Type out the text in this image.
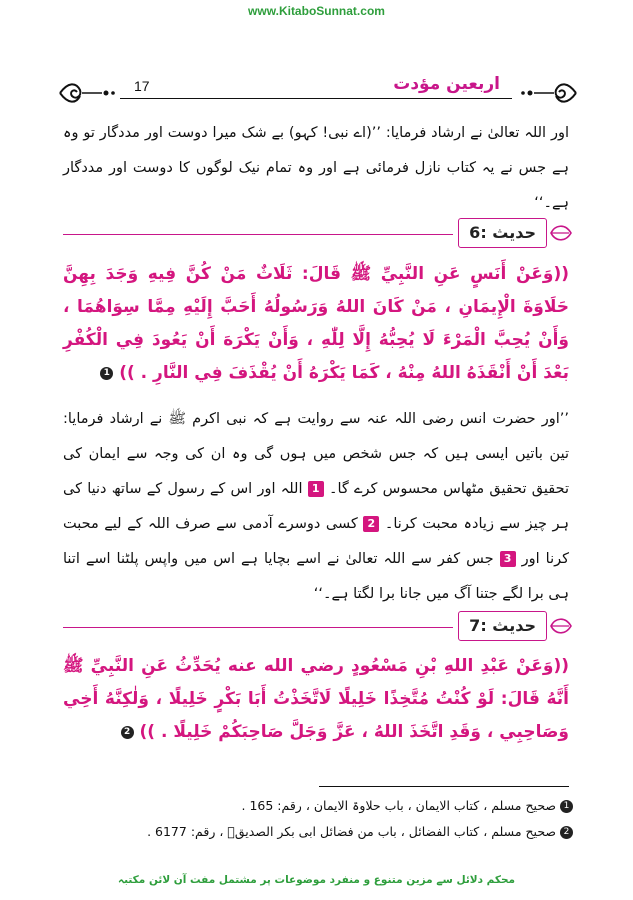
www.KitaboSunnat.com
17	اربعین مؤدت

اور اللہ تعالیٰ نے ارشاد فرمایا: ’’(اے نبی! کہو) بے شک میرا دوست اور مددگار تو وہ ہے جس نے یہ کتاب نازل فرمائی ہے اور وہ تمام نیک لوگوں کا دوست اور مددگار ہے۔‘‘

حدیث :6

((وَعَنْ أَنَسٍ عَنِ النَّبِيِّ ﷺ قَالَ: ثَلَاثٌ مَنْ كُنَّ فِيهِ وَجَدَ بِهِنَّ حَلَاوَةَ الْإِيمَانِ ، مَنْ كَانَ اللهُ وَرَسُولُهُ أَحَبَّ إِلَيْهِ مِمَّا سِوَاهُمَا ، وَأَنْ يُحِبَّ الْمَرْءَ لَا يُحِبُّهُ إِلَّا لِلّٰهِ ، وَأَنْ يَكْرَهَ أَنْ يَعُودَ فِي الْكُفْرِ بَعْدَ أَنْ أَنْقَذَهُ اللهُ مِنْهُ ، كَمَا يَكْرَهُ أَنْ يُقْذَفَ فِي النَّارِ . )) 1

’’اور حضرت انس رضی اللہ عنہ سے روایت ہے کہ نبی اکرم ﷺ نے ارشاد فرمایا: تین باتیں ایسی ہیں کہ جس شخص میں ہوں گی وہ ان کی وجہ سے ایمان کی تحقیق تحقیق مٹھاس محسوس کرے گا۔ 1 اللہ اور اس کے رسول کے ساتھ دنیا کی ہر چیز سے زیادہ محبت کرنا۔ 2 کسی دوسرے آدمی سے صرف اللہ کے لیے محبت کرنا اور 3 جس کفر سے اللہ تعالیٰ نے اسے بچایا ہے اس میں واپس پلٹنا اسے اتنا ہی برا لگے جتنا آگ میں جانا برا لگتا ہے۔‘‘

حدیث :7

((وَعَنْ عَبْدِ اللهِ بْنِ مَسْعُودٍ رضي الله عنه يُحَدِّثُ عَنِ النَّبِيِّ ﷺ أَنَّهُ قَالَ: لَوْ كُنْتُ مُتَّخِذًا خَلِيلًا لَاتَّخَذْتُ أَبَا بَكْرٍ خَلِيلًا ، وَلٰكِنَّهُ أَخِي وَصَاحِبِي ، وَقَدِ اتَّخَذَ اللهُ ، عَزَّ وَجَلَّ صَاحِبَكُمْ خَلِيلًا . )) 2

1 صحیح مسلم ، کتاب الایمان ، باب حلاوۃ الایمان ، رقم: 165 .

2 صحیح مسلم ، کتاب الفضائل ، باب من فضائل ابی بکر الصدیقؓ ، رقم: 6177 .

محکم دلائل سے مزین متنوع و منفرد موضوعات پر مشتمل مفت آن لائن مکتبہ
